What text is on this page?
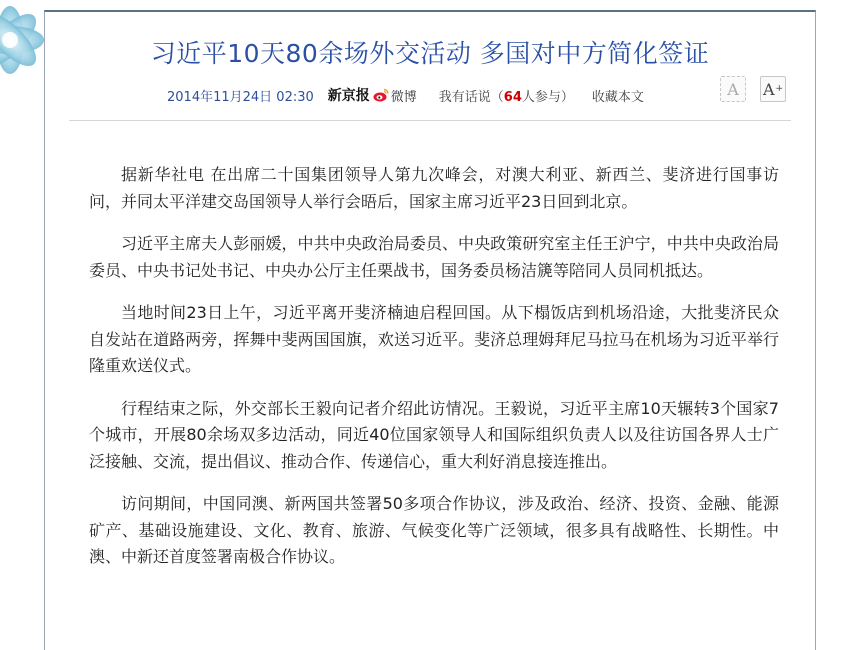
习近平10天80余场外交活动 多国对中方简化签证
2014年11月24日 02:30 新京报 微博 我有话说（64人参与） 收藏本文	A A +

据新华社电 在出席二十国集团领导人第九次峰会，对澳大利亚、新西兰、斐济进行国事访问，并同太平洋建交岛国领导人举行会晤后，国家主席习近平23日回到北京。

习近平主席夫人彭丽媛，中共中央政治局委员、中央政策研究室主任王沪宁，中共中央政治局委员、中央书记处书记、中央办公厅主任栗战书，国务委员杨洁篪等陪同人员同机抵达。

当地时间23日上午，习近平离开斐济楠迪启程回国。从下榻饭店到机场沿途，大批斐济民众自发站在道路两旁，挥舞中斐两国国旗，欢送习近平。斐济总理姆拜尼马拉马在机场为习近平举行隆重欢送仪式。

行程结束之际，外交部长王毅向记者介绍此访情况。王毅说，习近平主席10天辗转3个国家7个城市，开展80余场双多边活动，同近40位国家领导人和国际组织负责人以及往访国各界人士广泛接触、交流，提出倡议、推动合作、传递信心，重大利好消息接连推出。

访问期间，中国同澳、新两国共签署50多项合作协议，涉及政治、经济、投资、金融、能源矿产、基础设施建设、文化、教育、旅游、气候变化等广泛领域，很多具有战略性、长期性。中澳、中新还首度签署南极合作协议。
